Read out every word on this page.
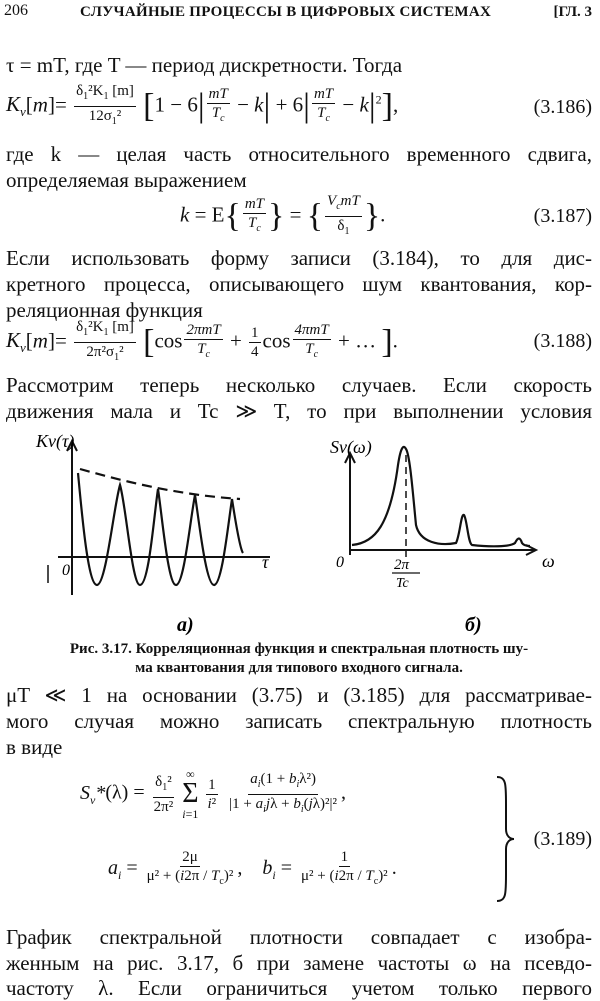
206	СЛУЧАЙНЫЕ ПРОЦЕССЫ В ЦИФРОВЫХ СИСТЕМАХ	[ГЛ. 3
τ = mT, где T — период дискретности. Тогда
$K_v[m]= \frac{\delta_1^2K_1 [m]}{12\sigma_1^2} [1 - 6| \frac{mT}{T_c} - k| + 6| \frac{mT}{T_c} - k|^2]$,	(3.186)
где k — целая часть относительного временного сдвига,
определяемая выражением
$k = E\{ \frac{mT}{T_c}$ } = { $\frac{V_cmT}{\delta_1}$ }.	(3.187)
Если использовать форму записи (3.184), то для дис-
кретного процесса, описывающего шум квантования, кор-
реляционная функция
$K_v[m]= \frac{\delta_1^2K_1 [m]}{2\pi^2\sigma_1^2} [\cos \frac{\text{2πmT}}{T_c} + \frac{1}{4}$ $\cos \frac{\text{4πmT}}{T_c}$ + … ].	(3.188)
Рассмотрим теперь несколько случаев. Если скорость
движения мала и Tc ≫ T, то при выполнении условия
Kv(τ)
0	τ
а)
Sv(ω)
0	2π
Tc
ω
б)
Рис. 3.17. Корреляционная функция и спектральная плотность шу-
ма квантования для типового входного сигнала.
μT ≪ 1 на основании (3.75) и (3.185) для рассматривае-
мого случая можно записать спектральную плотность
в виде
$S_v*(\lambda) = \frac{\delta_1^2}{\text{2π²}}$
∞
Σ
i=1

$\frac{1}{\text{i²}}$
$\frac{a_i(1 + b_i\lambda^2)}{|1 + a_ij\lambda + b_i(j\lambda)^2|^2}$ ,
$a_i = \frac{2\mu}{\mu^2 + (i2\pi / T_c)^2}$ ,    $b_i = \frac{1}{\mu^2 + (i2\pi / T_c)^2}$ .
(3.189)
График спектральной плотности совпадает с изобра-
женным на рис. 3.17, б при замене частоты ω на псевдо-
частоту λ. Если ограничиться учетом только первого
